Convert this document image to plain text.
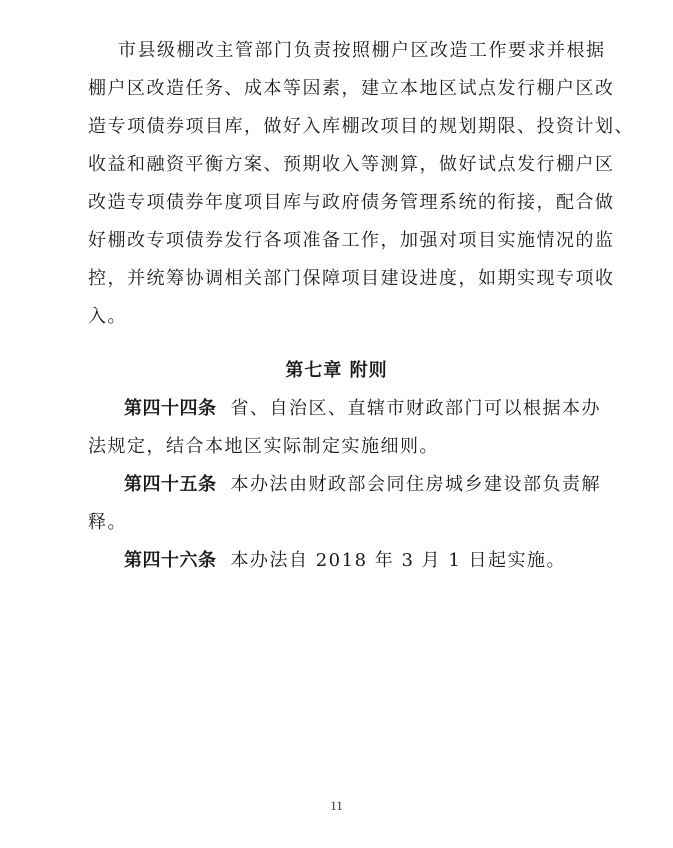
市县级棚改主管部门负责按照棚户区改造工作要求并根据
棚户区改造任务、成本等因素，建立本地区试点发行棚户区改
造专项债券项目库，做好入库棚改项目的规划期限、投资计划、
收益和融资平衡方案、预期收入等测算，做好试点发行棚户区
改造专项债券年度项目库与政府债务管理系统的衔接，配合做
好棚改专项债券发行各项准备工作，加强对项目实施情况的监
控，并统筹协调相关部门保障项目建设进度，如期实现专项收
入。
第七章 附则
第四十四条 省、自治区、直辖市财政部门可以根据本办
法规定，结合本地区实际制定实施细则。
第四十五条 本办法由财政部会同住房城乡建设部负责解
释。
第四十六条 本办法自 2018 年 3 月 1 日起实施。
11
